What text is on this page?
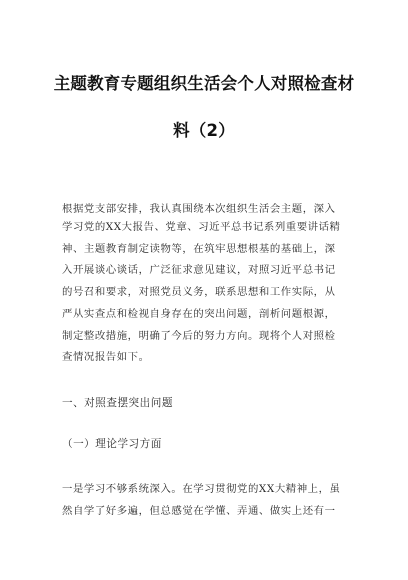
主题教育专题组织生活会个人对照检查材
料（2）
根据党支部安排，我认真围绕本次组织生活会主题，深入
学习党的XX大报告、党章、习近平总书记系列重要讲话精
神、主题教育制定读物等，在筑牢思想根基的基础上，深
入开展谈心谈话，广泛征求意见建议，对照习近平总书记
的号召和要求，对照党员义务，联系思想和工作实际，从
严从实查点和检视自身存在的突出问题，剖析问题根源，
制定整改措施，明确了今后的努力方向。现将个人对照检
查情况报告如下。
一、对照查摆突出问题
（一）理论学习方面
一是学习不够系统深入。在学习贯彻党的XX大精神上，虽
然自学了好多遍，但总感觉在学懂、弄通、做实上还有一
